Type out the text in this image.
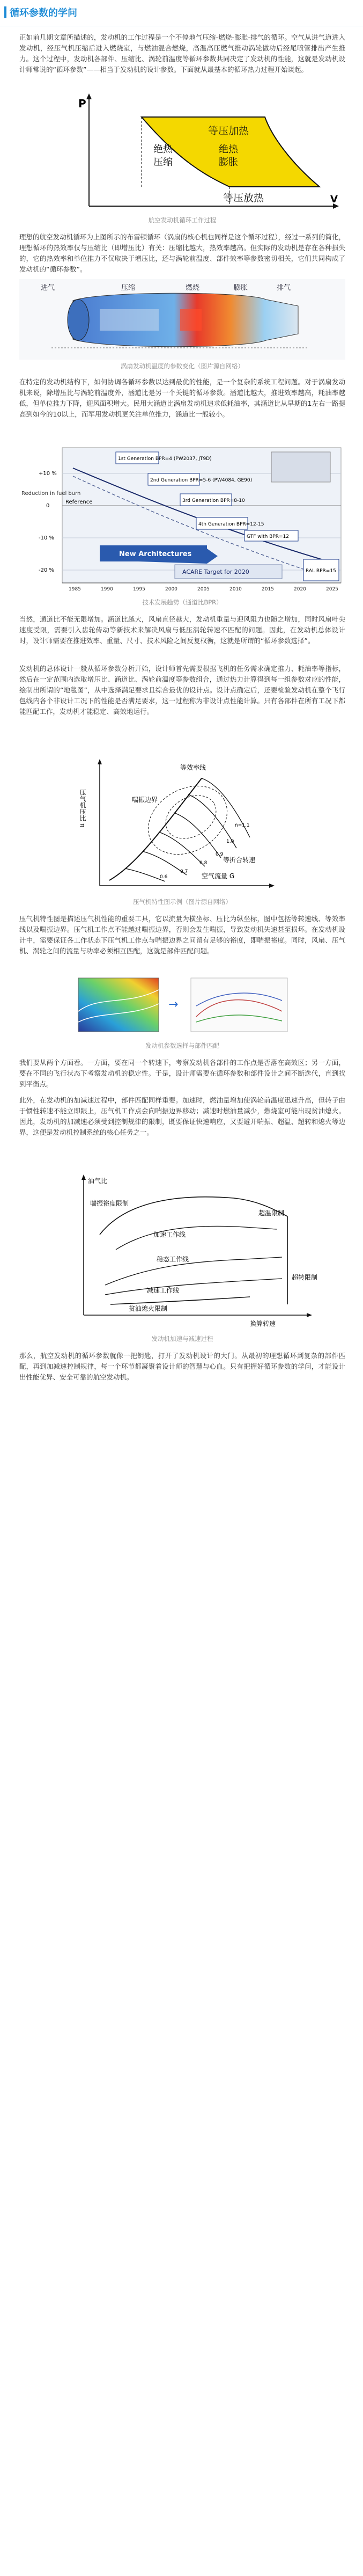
循环参数的学问

正如前几期文章所描述的，发动机的工作过程是一个不停地气压缩-燃烧-膨胀-排气的循环。空气从进气道进入发动机，经压气机压缩后进入燃烧室，与燃油混合燃烧，高温高压燃气推动涡轮做功后经尾喷管排出产生推力。这个过程中，发动机各部件、压缩比、涡轮前温度等循环参数共同决定了发动机的性能，这就是发动机设计师常说的“循环参数”——相当于发动机的设计参数。下面就从最基本的循环热力过程开始谈起。

P
V
等压加热
绝热
压缩
绝热
膨胀
等压放热
航空发动机循环工作过程

理想的航空发动机循环为上图所示的布雷顿循环（涡扇的核心机也同样是这个循环过程），经过一系列的简化，理想循环的热效率仅与压缩比（即增压比）有关：压缩比越大，热效率越高。但实际的发动机是存在各种损失的，它的热效率和单位推力不仅取决于增压比，还与涡轮前温度、部件效率等参数密切相关，它们共同构成了发动机的“循环参数”。

进气	压缩	燃烧	膨胀	排气
涡扇发动机温度的参数变化（图片源自网络）

在特定的发动机结构下，如何协调各循环参数以达到最优的性能，是一个复杂的系统工程问题。对于涡扇发动机来说，除增压比与涡轮前温度外，涵道比是另一个关键的循环参数。涵道比越大，推进效率越高，耗油率越低，但单位推力下降，迎风面积增大。民用大涵道比涡扇发动机追求低耗油率，其涵道比从早期的1左右一路提高到如今的10以上，而军用发动机更关注单位推力，涵道比一般较小。

Reduction in fuel burn
+10 %
0
-10 %
-20 %
Reference
1st Generation BPR=4 (PW2037, JT9D)
2nd Generation BPR=5-6 (PW4084, GE90)
3rd Generation BPR=8-10
4th Generation BPR=12-15
GTF with BPR=12
New Architectures
ACARE Target for 2020	RAL BPR=15
1985	1990	1995	2000	2005	2010	2015	2020	2025
技术发展趋势（通道比BPR）

当然，通道比不能无限增加。涵道比越大，风扇直径越大，发动机重量与迎风阻力也随之增加，同时风扇叶尖速度受限，需要引入齿轮传动等新技术来解决风扇与低压涡轮转速不匹配的问题。因此，在发动机总体设计时，设计师需要在推进效率、重量、尺寸、技术风险之间反复权衡，这就是所谓的“循环参数选择”。

发动机的总体设计一般从循环参数分析开始，设计师首先需要根据飞机的任务需求确定推力、耗油率等指标，然后在一定范围内选取增压比、涵道比、涡轮前温度等参数组合，通过热力计算得到每一组参数对应的性能，绘制出所谓的“地毯图”，从中选择满足要求且综合最优的设计点。设计点确定后，还要检验发动机在整个飞行包线内各个非设计工况下的性能是否满足要求，这一过程称为非设计点性能计算。只有各部件在所有工况下都能匹配工作，发动机才能稳定、高效地运行。

压气机压比 π
空气流量 G
喘振边界
等效率线
等折合转速
n̄=1.1
1.0
0.9
0.8
0.7
0.6
压气机特性图示例（图片源自网络）

压气机特性图是描述压气机性能的重要工具，它以流量为横坐标、压比为纵坐标，图中包括等转速线、等效率线以及喘振边界。压气机工作点不能越过喘振边界，否则会发生喘振，导致发动机失速甚至损坏。在发动机设计中，需要保证各工作状态下压气机工作点与喘振边界之间留有足够的裕度，即喘振裕度。同时，风扇、压气机、涡轮之间的流量与功率必须相互匹配，这就是部件匹配问题。

→
发动机参数选择与部件匹配

我们要从两个方面看。一方面，要在同一个转速下，考察发动机各部件的工作点是否落在高效区；另一方面，要在不同的飞行状态下考察发动机的稳定性。于是，设计师需要在循环参数和部件设计之间不断迭代，直到找到平衡点。

此外，在发动机的加减速过程中，部件匹配同样重要。加速时，燃油量增加使涡轮前温度迅速升高，但转子由于惯性转速不能立即跟上，压气机工作点会向喘振边界移动；减速时燃油量减少，燃烧室可能出现贫油熄火。因此，发动机的加减速必须受到控制规律的限制，既要保证快速响应，又要避开喘振、超温、超转和熄火等边界，这便是发动机控制系统的核心任务之一。

油气比
换算转速
喘振裕度限制
超温限制
加速工作线
稳态工作线
减速工作线
贫油熄火限制
超转限制
发动机加速与减速过程

那么，航空发动机的循环参数就像一把钥匙，打开了发动机设计的大门。从最初的理想循环到复杂的部件匹配，再到加减速控制规律，每一个环节都凝聚着设计师的智慧与心血。只有把握好循环参数的学问，才能设计出性能优异、安全可靠的航空发动机。
